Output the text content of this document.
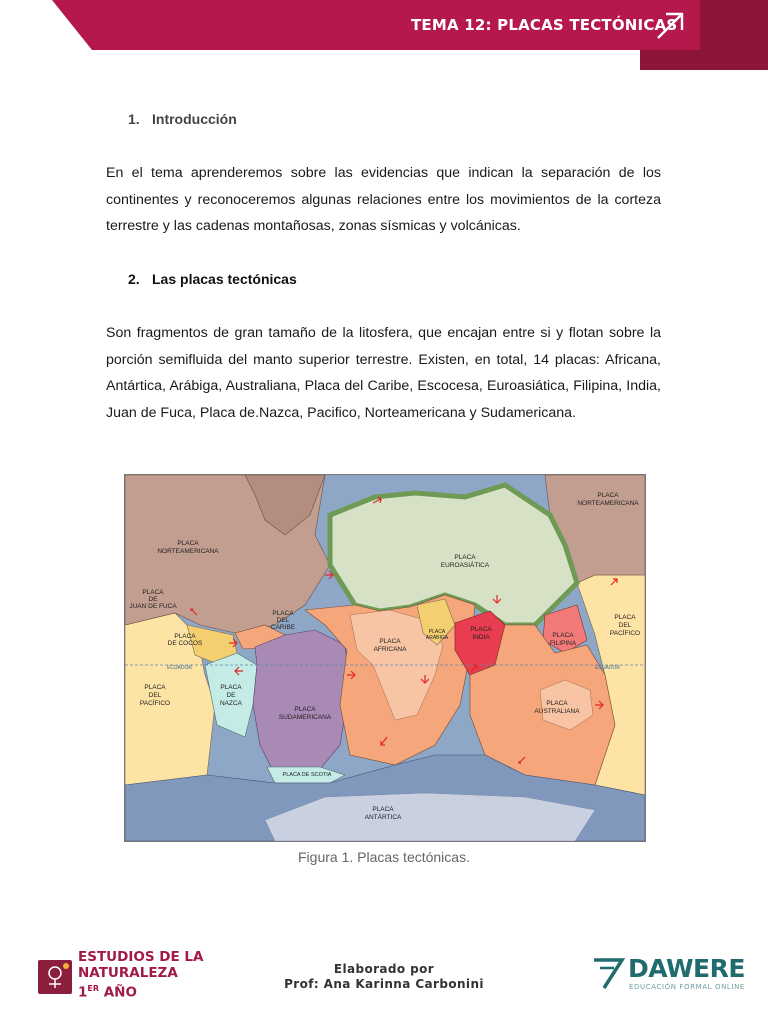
TEMA 12: PLACAS TECTÓNICAS
1. Introducción

En el tema aprenderemos sobre las evidencias que indican la separación de los continentes y reconoceremos algunas relaciones entre los movimientos de la corteza terrestre y las cadenas montañosas, zonas sísmicas y volcánicas.

2. Las placas tectónicas

Son fragmentos de gran tamaño de la litosfera, que encajan entre si y flotan sobre la porción semifluida del manto superior terrestre. Existen, en total, 14 placas: Africana, Antártica, Arábiga, Australiana, Placa del Caribe, Escocesa, Euroasiática, Filipina, India, Juan de Fuca, Placa de.Nazca, Pacifico, Norteamericana y Sudamericana.

ECUADOR	ECUADOR
PLACA NORTEAMERICANA
PLACA NORTEAMERICANA
PLACA DE JUAN DE FUCA
PLACA DE COCOS
PLACA DEL CARIBE
PLACA DEL PACÍFICO
PLACA DE NAZCA
PLACA SUDAMERICANA
PLACA DE SCOTIA
PLACA ANTÁRTICA
PLACA AFRICANA
PLACA ARÁBIGA
PLACA EUROASIÁTICA
PLACA INDIA	PLACA FILIPINA
PLACA AUSTRALIANA
PLACA DEL PACÍFICO
Figura 1. Placas tectónicas.
ESTUDIOS DE LA
NATURALEZA
1ER AÑO
Elaborado por
Prof: Ana Karinna Carbonini
DAWERE
EDUCACIÓN FORMAL ONLINE
